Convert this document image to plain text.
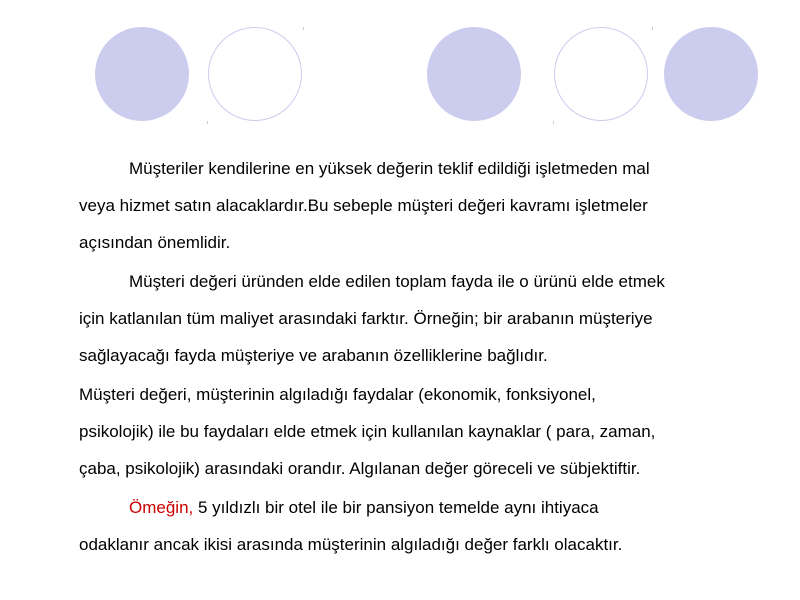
Müşteriler kendilerine en yüksek değerin teklif edildiği işletmeden mal
veya hizmet satın alacaklardır.Bu sebeple müşteri değeri kavramı işletmeler
açısından önemlidir.

Müşteri değeri üründen elde edilen toplam fayda ile o ürünü elde etmek
için katlanılan tüm maliyet arasındaki farktır. Örneğin; bir arabanın müşteriye
sağlayacağı fayda müşteriye ve arabanın özelliklerine bağlıdır.

Müşteri değeri, müşterinin algıladığı faydalar (ekonomik, fonksiyonel,
psikolojik) ile bu faydaları elde etmek için kullanılan kaynaklar ( para, zaman,
çaba, psikolojik) arasındaki orandır. Algılanan değer göreceli ve sübjektiftir.

Ömeğin, 5 yıldızlı bir otel ile bir pansiyon temelde aynı ihtiyaca
odaklanır ancak ikisi arasında müşterinin algıladığı değer farklı olacaktır.
